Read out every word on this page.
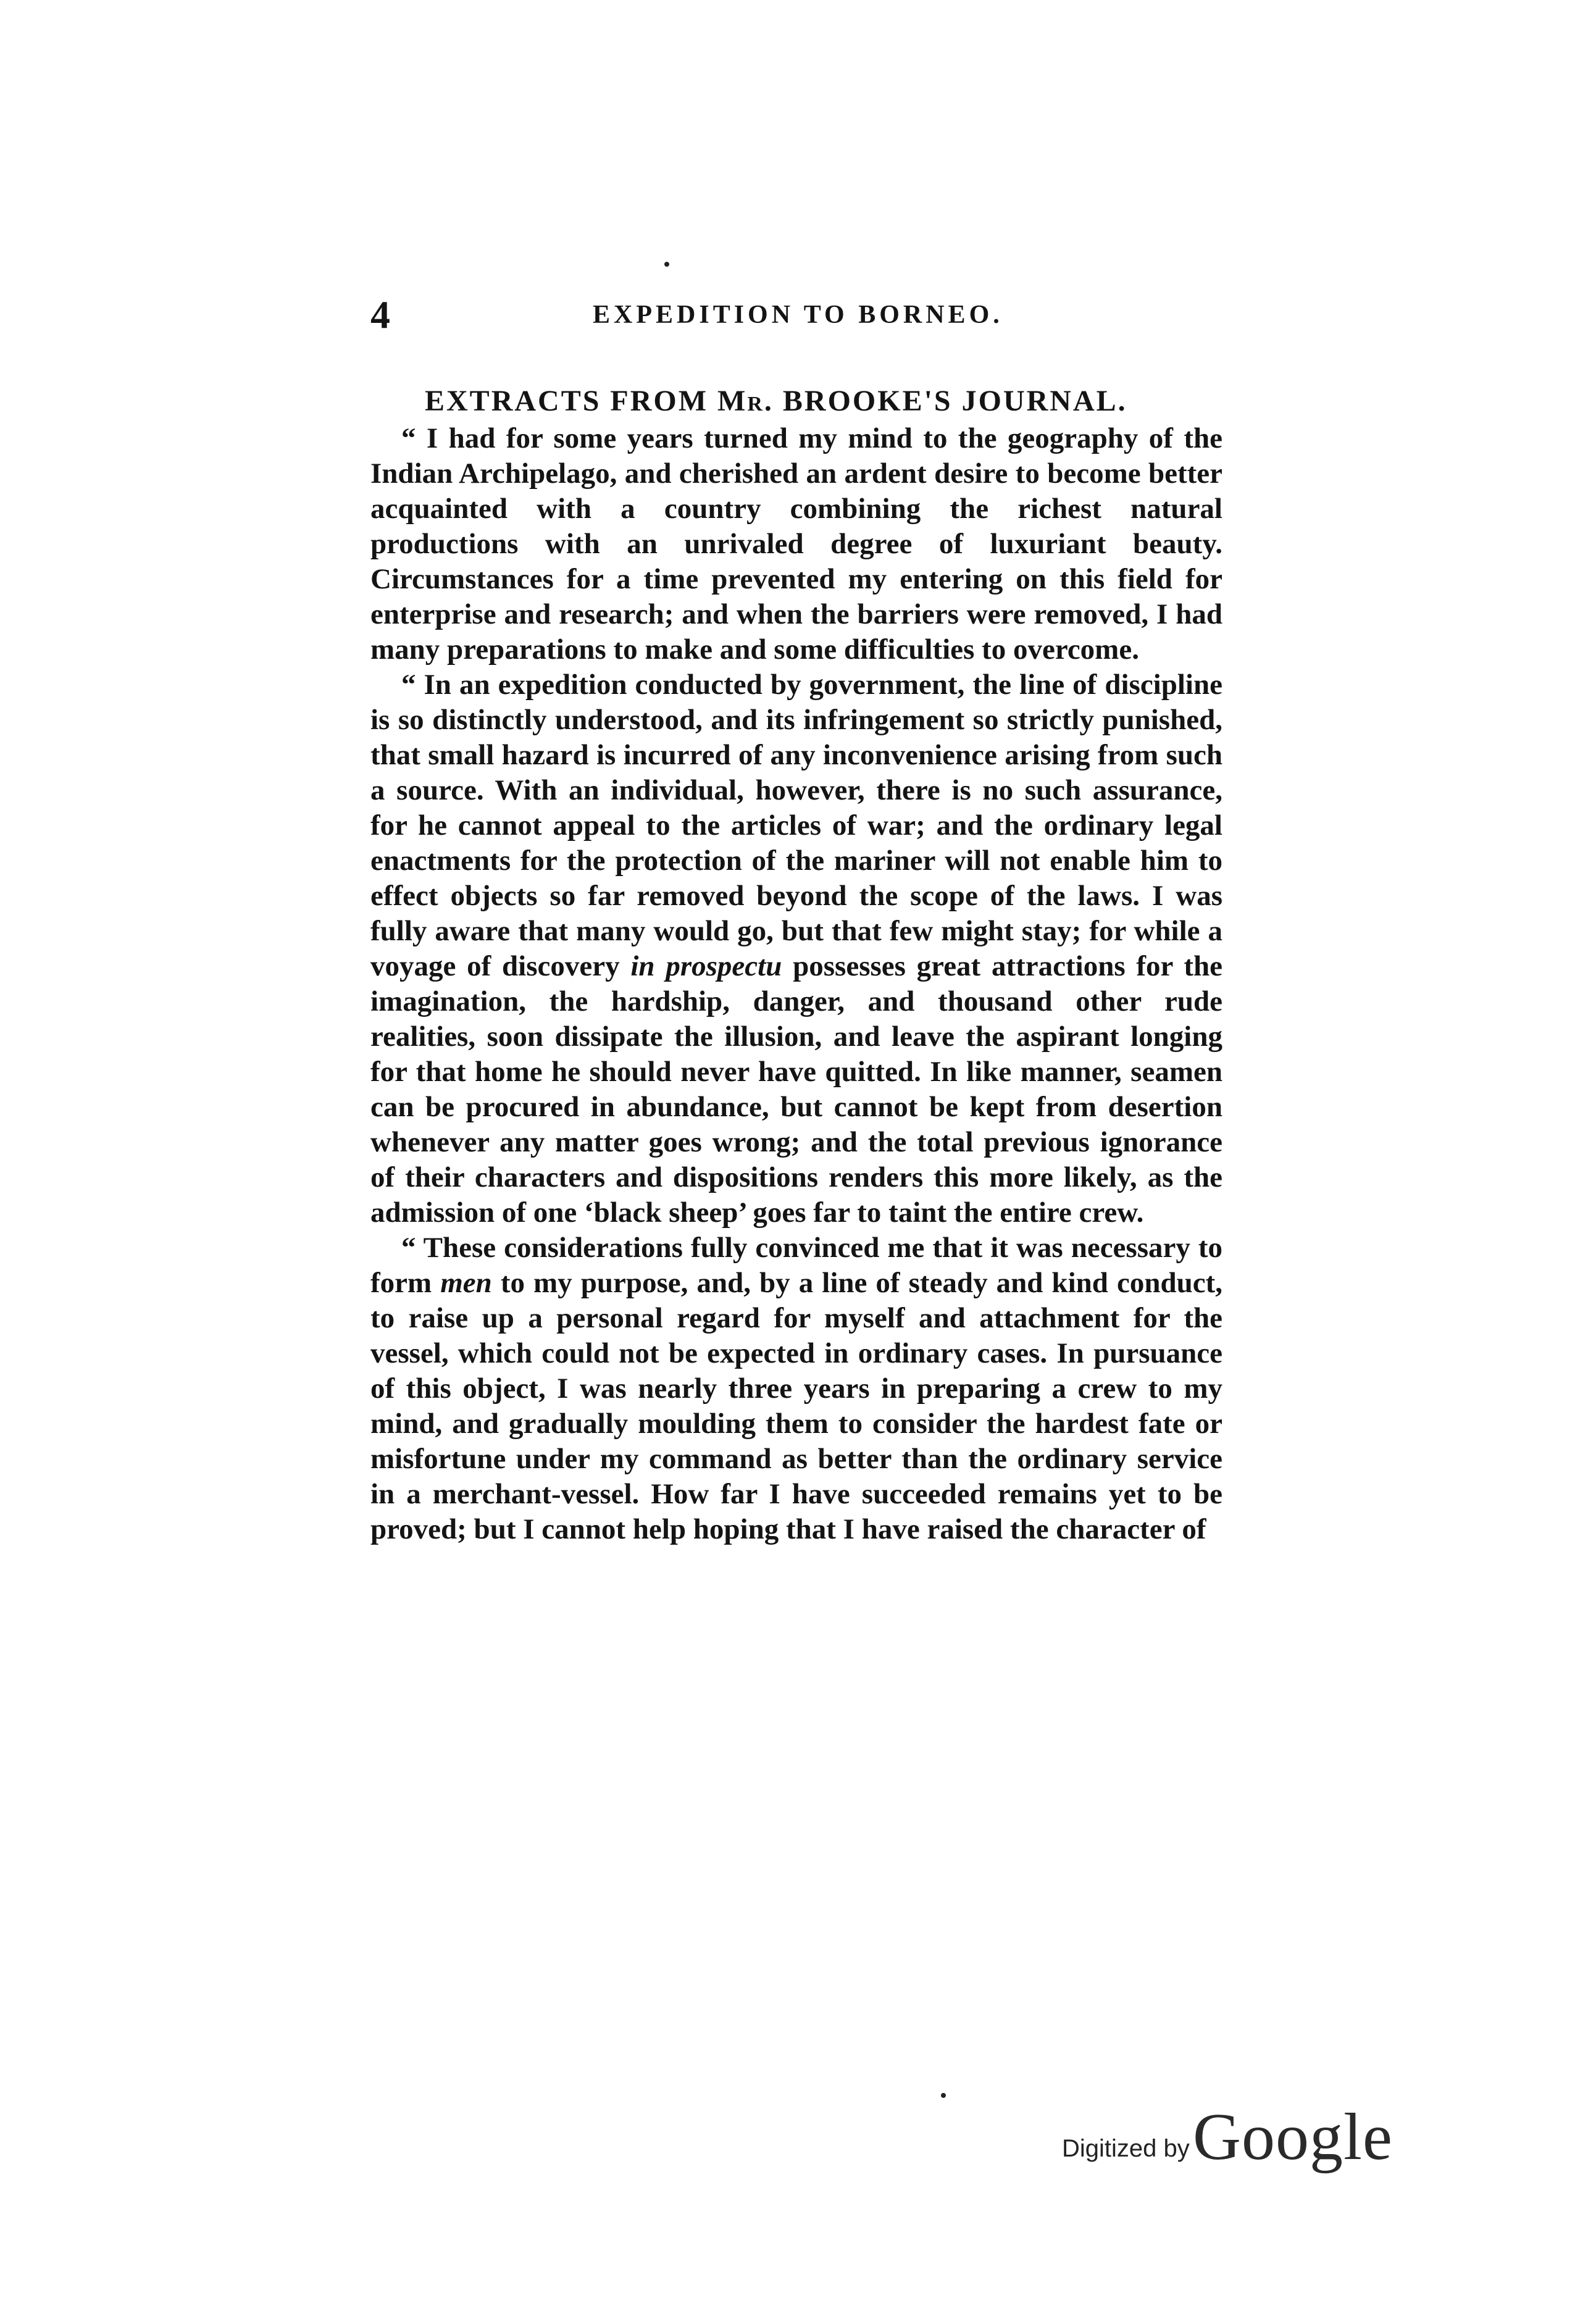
4	EXPEDITION TO BORNEO.
EXTRACTS FROM Mr. BROOKE'S JOURNAL.

“ I had for some years turned my mind to the geography of the Indian Archipelago, and cherished an ardent desire to become better acquainted with a country combining the richest natural productions with an unrivaled degree of luxuriant beauty. Circumstances for a time prevented my entering on this field for enterprise and research; and when the barriers were removed, I had many preparations to make and some difficulties to overcome.

“ In an expedition conducted by government, the line of discipline is so distinctly understood, and its infringement so strictly punished, that small hazard is incurred of any inconvenience arising from such a source. With an individual, however, there is no such assurance, for he cannot appeal to the articles of war; and the ordinary legal enactments for the protection of the mariner will not enable him to effect objects so far removed beyond the scope of the laws. I was fully aware that many would go, but that few might stay; for while a voyage of discovery in prospectu possesses great attractions for the imagination, the hardship, danger, and thousand other rude realities, soon dissipate the illusion, and leave the aspirant longing for that home he should never have quitted. In like manner, seamen can be procured in abundance, but cannot be kept from desertion whenever any matter goes wrong; and the total previous ignorance of their characters and dispositions renders this more likely, as the admission of one ‘black sheep’ goes far to taint the entire crew.

“ These considerations fully convinced me that it was necessary to form men to my purpose, and, by a line of steady and kind conduct, to raise up a personal regard for myself and attachment for the vessel, which could not be expected in ordinary cases. In pursuance of this object, I was nearly three years in preparing a crew to my mind, and gradually moulding them to consider the hardest fate or misfortune under my command as better than the ordinary service in a merchant-vessel. How far I have succeeded remains yet to be proved; but I cannot help hoping that I have raised the character of

Digitized by Google
